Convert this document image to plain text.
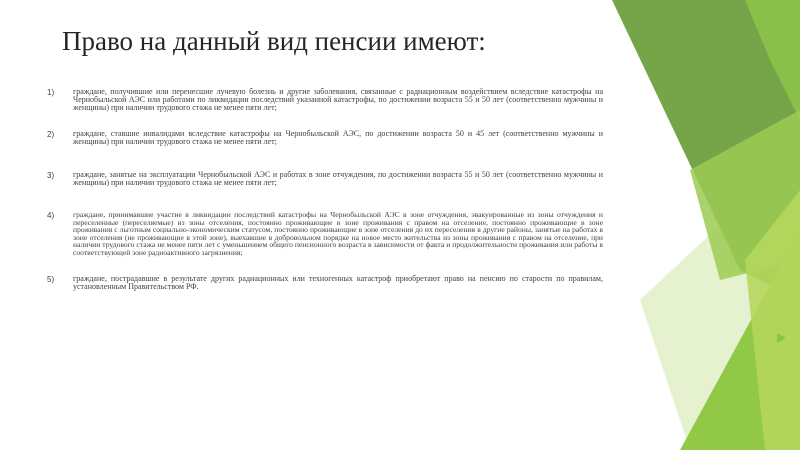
Право на данный вид пенсии имеют:
1) граждане, получившие или перенесшие лучевую болезнь и другие заболевания, связанные с радиационным воздействием вследствие катастрофы на Чернобыльской АЭС или работами по ликвидации последствий указанной катастрофы, по достижении возраста 55 и 50 лет (соответственно мужчины и женщины) при наличии трудового стажа не менее пяти лет;

2) граждане, ставшие инвалидами вследствие катастрофы на Чернобыльской АЭС, по достижении возраста 50 и 45 лет (соответственно мужчины и женщины) при наличии трудового стажа не менее пяти лет;

3) граждане, занятые на эксплуатации Чернобыльской АЭС и работах в зоне отчуждения, по достижении возраста 55 и 50 лет (соответственно мужчины и женщины) при наличии трудового стажа не менее пяти лет;

4) граждане, принимавшие участие в ликвидации последствий катастрофы на Чернобыльской АЭС в зоне отчуждения, эвакуированные из зоны отчуждения и переселенные (переселяемые) из зоны отселения, постоянно проживающие в зоне проживания с правом на отселение, постоянно проживающие в зоне проживания с льготным социально-экономическим статусом, постоянно проживающие в зоне отселения до их переселения в другие районы, занятые на работах в зоне отселения (не проживающие в этой зоне), выехавшие в добровольном порядке на новое место жительства из зоны проживания с правом на отселение, при наличии трудового стажа не менее пяти лет с уменьшением общего пенсионного возраста в зависимости от факта и продолжительности проживания или работы в соответствующей зоне радиоактивного загрязнения;

5) граждане, пострадавшие в результате других радиационных или техногенных катастроф приобретают право на пенсию по старости по правилам, установленным Правительством РФ.
